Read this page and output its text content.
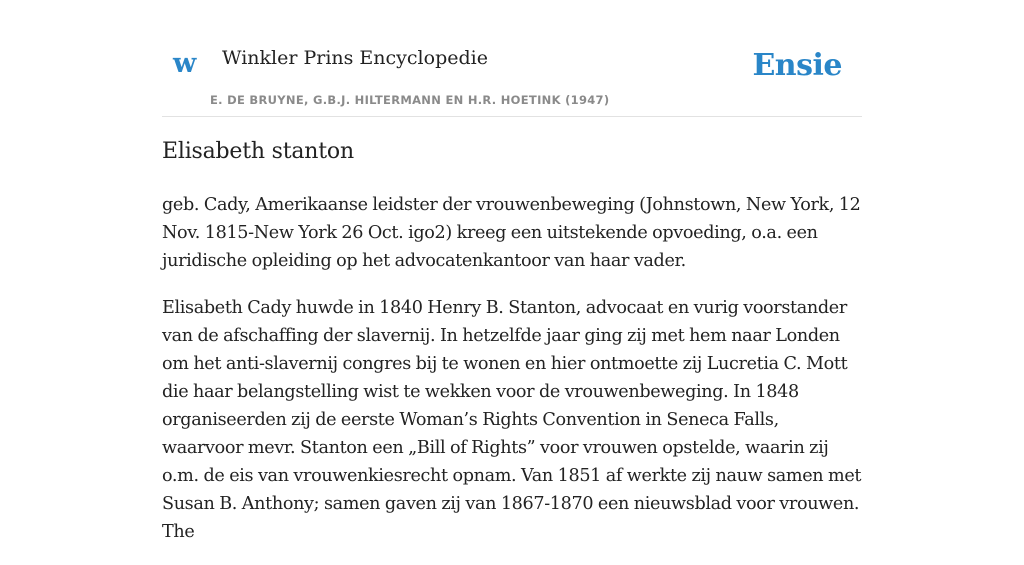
w Winkler Prins Encyclopedie
E. DE BRUYNE, G.B.J. HILTERMANN EN H.R. HOETINK (1947)
Ensie
Elisabeth stanton

geb. Cady, Amerikaanse leidster der vrouwenbeweging (Johnstown, New York, 12 Nov. 1815-New York 26 Oct. igo2) kreeg een uitstekende opvoeding, o.a. een juridische opleiding op het advocatenkantoor van haar vader.

Elisabeth Cady huwde in 1840 Henry B. Stanton, advocaat en vurig voorstander van de afschaffing der slavernij. In hetzelfde jaar ging zij met hem naar Londen om het anti-slavernij congres bij te wonen en hier ontmoette zij Lucretia C. Mott die haar belangstelling wist te wekken voor de vrouwenbeweging. In 1848 organiseerden zij de eerste Woman’s Rights Convention in Seneca Falls, waarvoor mevr. Stanton een „Bill of Rights” voor vrouwen opstelde, waarin zij o.m. de eis van vrouwenkiesrecht opnam. Van 1851 af werkte zij nauw samen met Susan B. Anthony; samen gaven zij van 1867-1870 een nieuwsblad voor vrouwen. The
